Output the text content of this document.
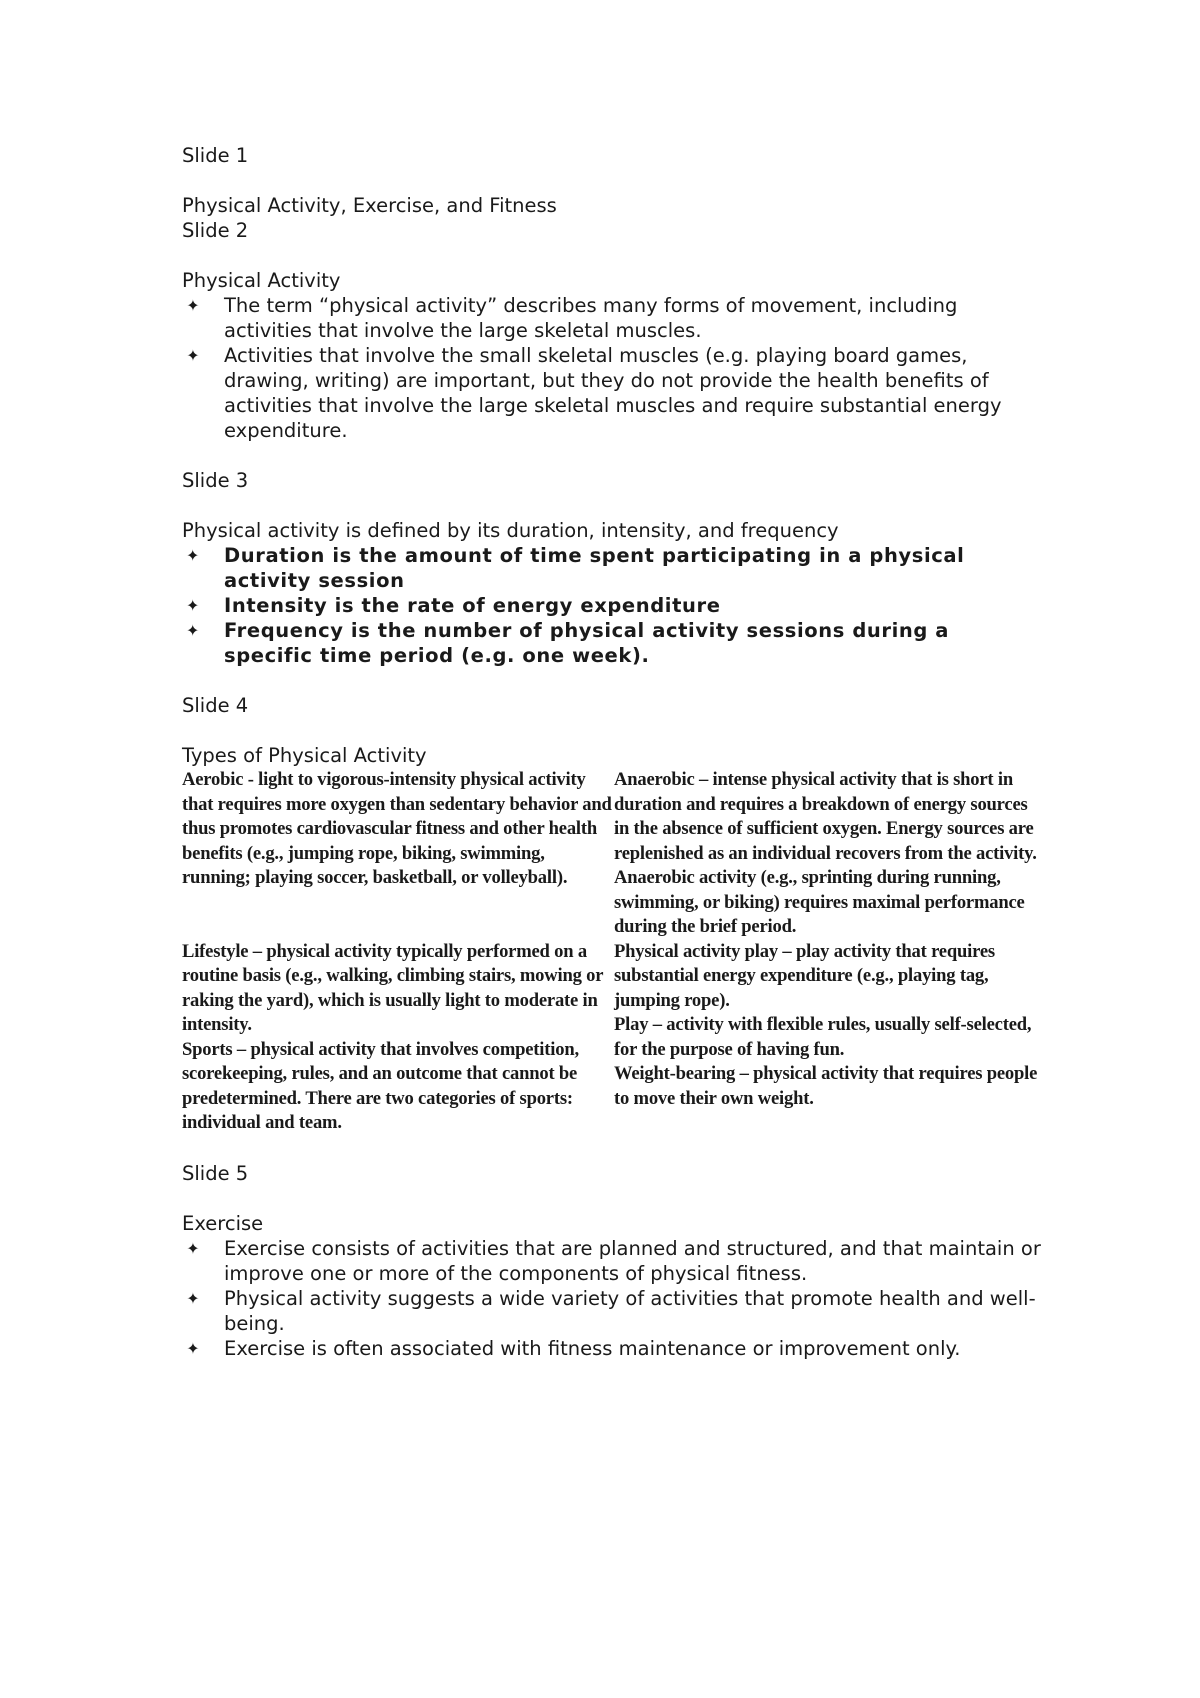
Slide 1
Physical Activity, Exercise, and Fitness
Slide 2
Physical Activity
✦ The term “physical activity” describes many forms of movement, including activities that involve the large skeletal muscles.
✦ Activities that involve the small skeletal muscles (e.g. playing board games, drawing, writing) are important, but they do not provide the health benefits of activities that involve the large skeletal muscles and require substantial energy expenditure.
Slide 3
Physical activity is defined by its duration, intensity, and frequency
✦ Duration is the amount of time spent participating in a physical activity session
✦ Intensity is the rate of energy expenditure
✦ Frequency is the number of physical activity sessions during a specific time period (e.g. one week).
Slide 4
Types of Physical Activity

Aerobic - light to vigorous-intensity physical activity that requires more oxygen than sedentary behavior and thus promotes cardiovascular fitness and other health benefits (e.g., jumping rope, biking, swimming, running; playing soccer, basketball, or volleyball).

Lifestyle – physical activity typically performed on a routine basis (e.g., walking, climbing stairs, mowing or raking the yard), which is usually light to moderate in intensity.

Sports – physical activity that involves competition, scorekeeping, rules, and an outcome that cannot be predetermined. There are two categories of sports: individual and team.

Anaerobic – intense physical activity that is short in duration and requires a breakdown of energy sources in the absence of sufficient oxygen. Energy sources are replenished as an individual recovers from the activity. Anaerobic activity (e.g., sprinting during running, swimming, or biking) requires maximal performance during the brief period.

Physical activity play – play activity that requires substantial energy expenditure (e.g., playing tag, jumping rope).

Play – activity with flexible rules, usually self-selected, for the purpose of having fun.

Weight-bearing – physical activity that requires people to move their own weight.

Slide 5
Exercise
✦ Exercise consists of activities that are planned and structured, and that maintain or improve one or more of the components of physical fitness.
✦ Physical activity suggests a wide variety of activities that promote health and well-being.
✦ Exercise is often associated with fitness maintenance or improvement only.
